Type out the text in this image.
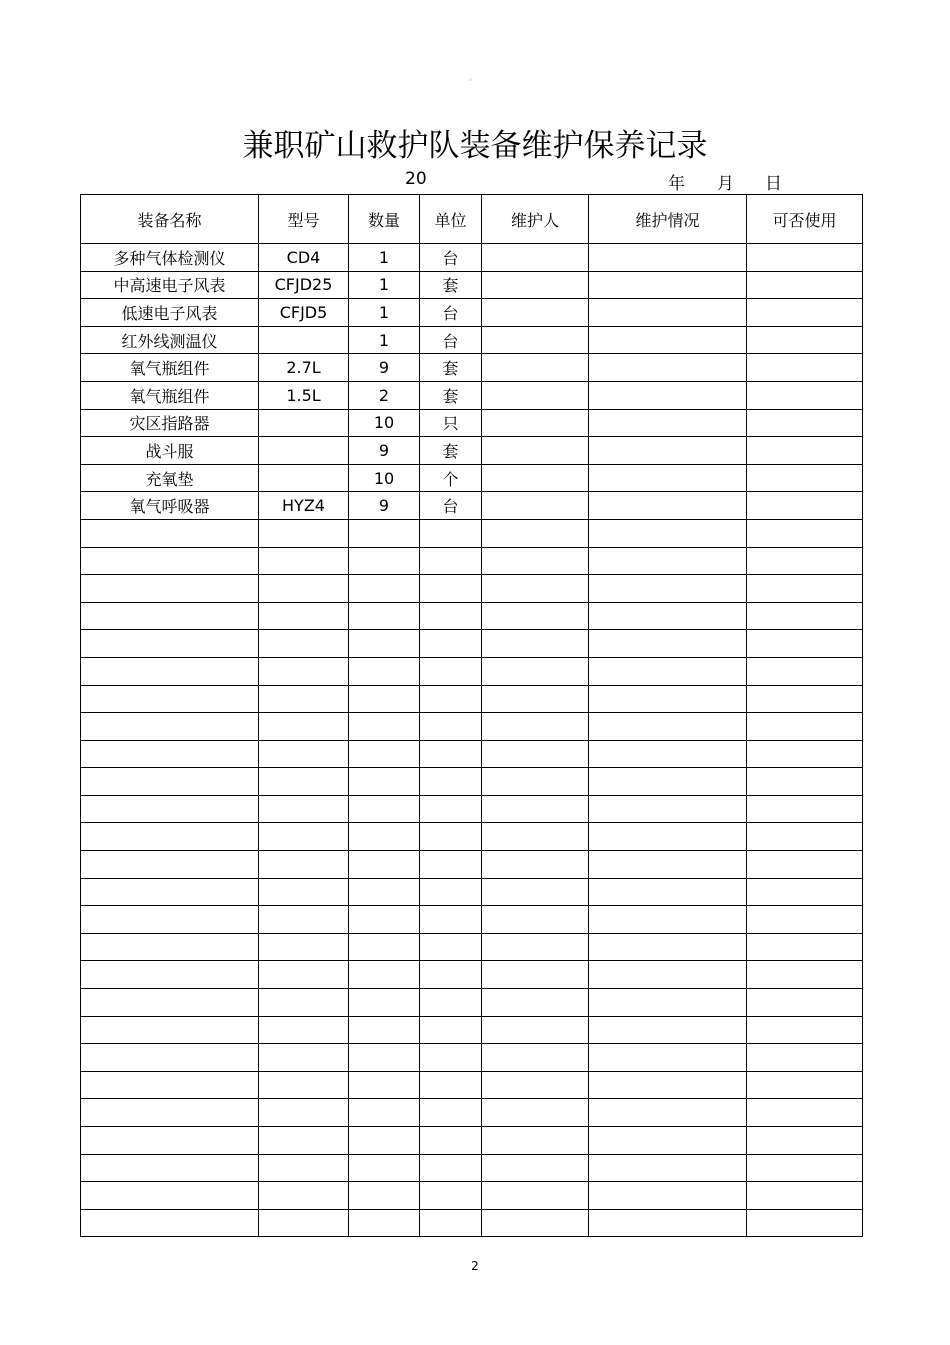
。
兼职矿山救护队装备维护保养记录
20	年 月 日
装备名称	型号	数量	单位	维护人	维护情况	可否使用
多种气体检测仪	CD4	1	台			
中高速电子风表	CFJD25	1	套			
低速电子风表	CFJD5	1	台			
红外线测温仪		1	台			
氧气瓶组件	2.7L	9	套			
氧气瓶组件	1.5L	2	套			
灾区指路器		10	只			
战斗服		9	套			
充氧垫		10	个			
氧气呼吸器	HYZ4	9	台			

2
